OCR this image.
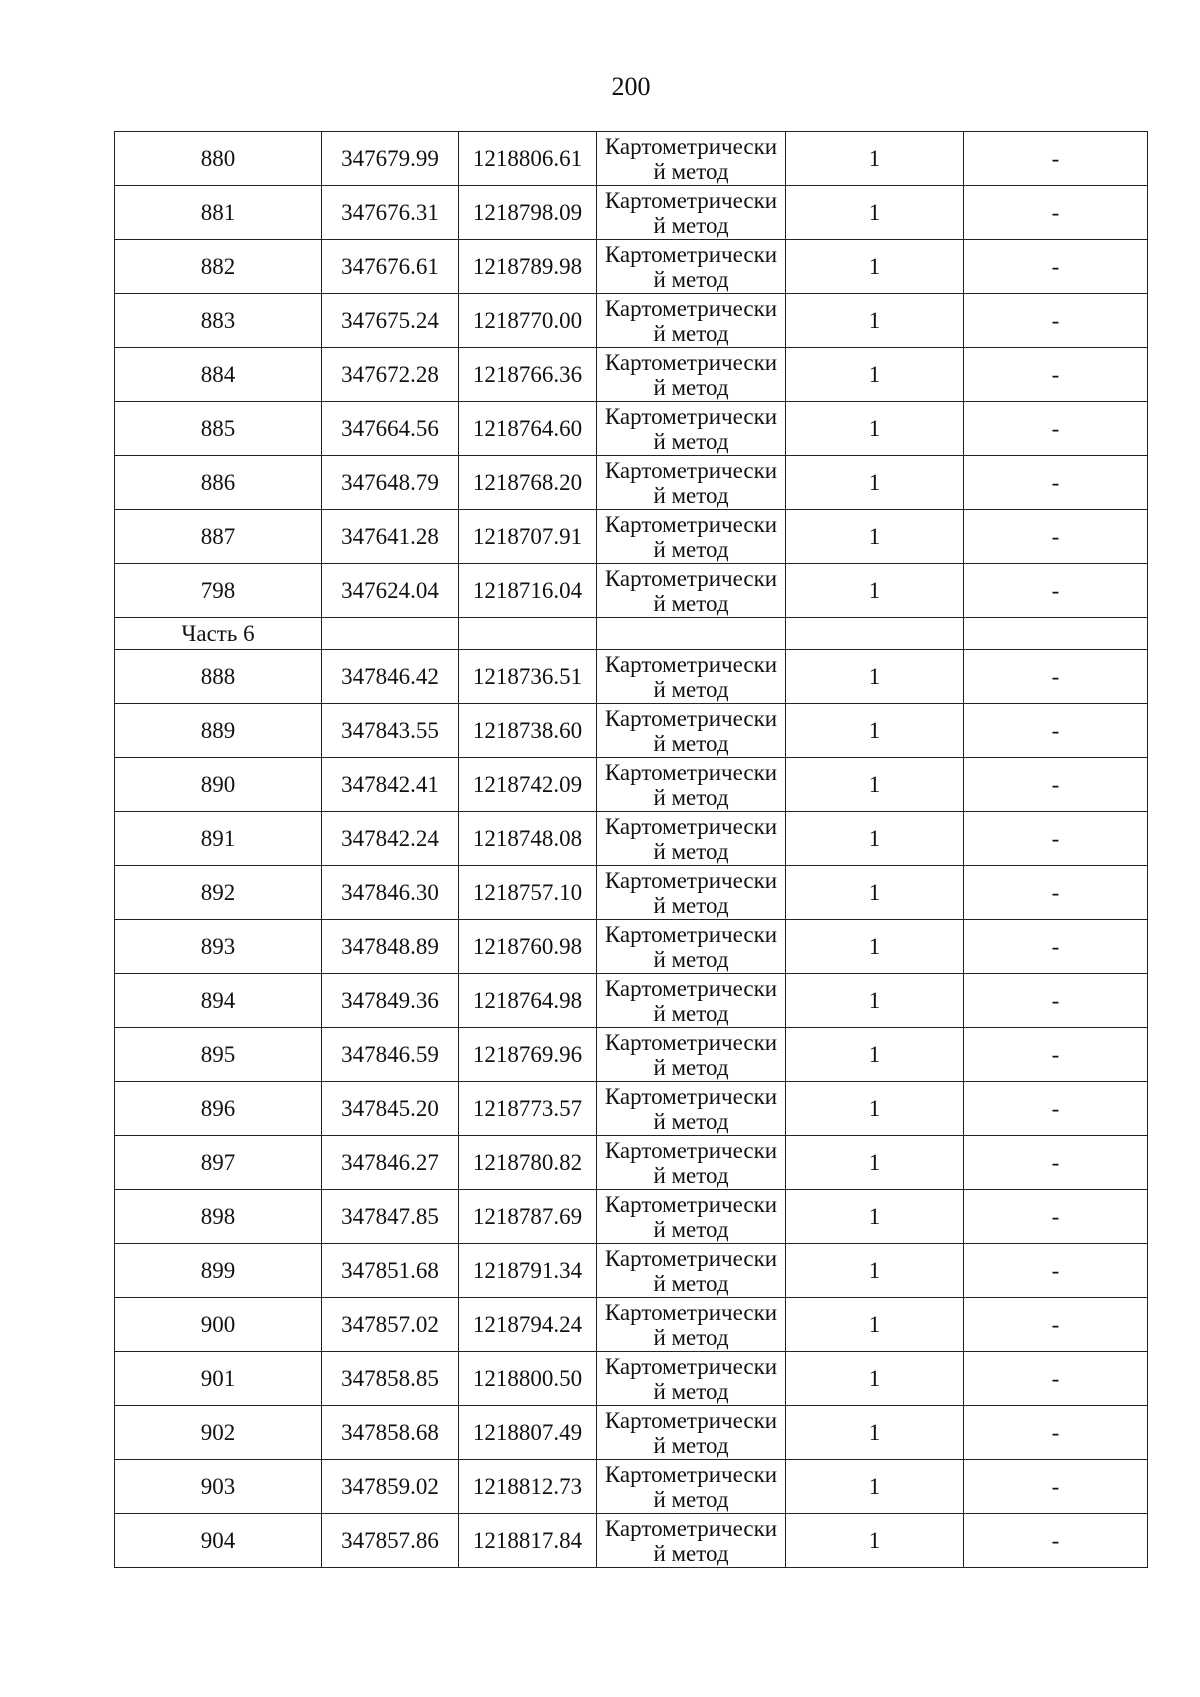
200
880	347679.99	1218806.61	Картометрически й метод	1	-
881	347676.31	1218798.09	Картометрически й метод	1	-
882	347676.61	1218789.98	Картометрически й метод	1	-
883	347675.24	1218770.00	Картометрически й метод	1	-
884	347672.28	1218766.36	Картометрически й метод	1	-
885	347664.56	1218764.60	Картометрически й метод	1	-
886	347648.79	1218768.20	Картометрически й метод	1	-
887	347641.28	1218707.91	Картометрически й метод	1	-
798	347624.04	1218716.04	Картометрически й метод	1	-
Часть 6					
888	347846.42	1218736.51	Картометрически й метод	1	-
889	347843.55	1218738.60	Картометрически й метод	1	-
890	347842.41	1218742.09	Картометрически й метод	1	-
891	347842.24	1218748.08	Картометрически й метод	1	-
892	347846.30	1218757.10	Картометрически й метод	1	-
893	347848.89	1218760.98	Картометрически й метод	1	-
894	347849.36	1218764.98	Картометрически й метод	1	-
895	347846.59	1218769.96	Картометрически й метод	1	-
896	347845.20	1218773.57	Картометрически й метод	1	-
897	347846.27	1218780.82	Картометрически й метод	1	-
898	347847.85	1218787.69	Картометрически й метод	1	-
899	347851.68	1218791.34	Картометрически й метод	1	-
900	347857.02	1218794.24	Картометрически й метод	1	-
901	347858.85	1218800.50	Картометрически й метод	1	-
902	347858.68	1218807.49	Картометрически й метод	1	-
903	347859.02	1218812.73	Картометрически й метод	1	-
904	347857.86	1218817.84	Картометрически й метод	1	-
